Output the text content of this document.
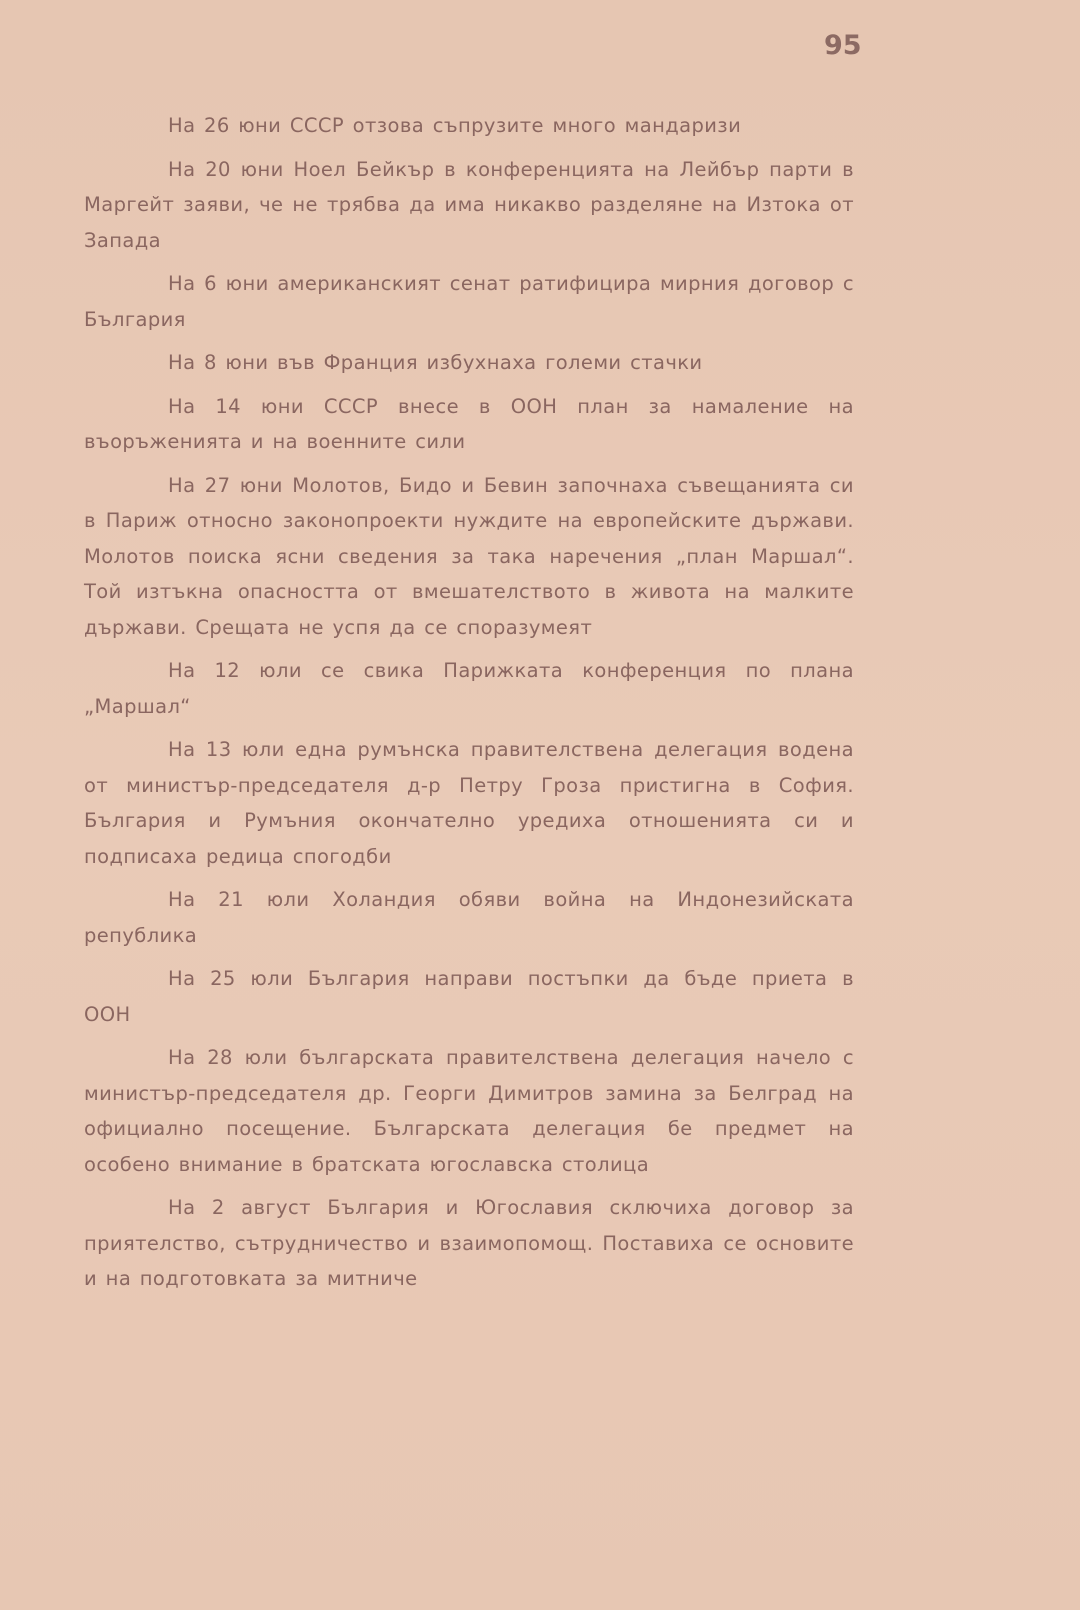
95

На 26 юни СССР отзова съпрузите много мандаризи

На 20 юни Ноел Бейкър в конференцията на Лейбър парти в Маргейт заяви, че не трябва да има никакво разделяне на Изтока от Запада

На 6 юни американският сенат ратифицира мирния договор с България

На 8 юни във Франция избухнаха големи стачки

На 14 юни СССР внесе в ООН план за намаление на въоръженията и на военните сили

На 27 юни Молотов, Бидо и Бевин започнаха съвещанията си в Париж относно законопроекти нуждите на европейските държави. Молотов поиска ясни сведения за така наречения „план Маршал“. Той изтъкна опасността от вмешателството в живота на малките държави. Срещата не успя да се споразумеят

На 12 юли се свика Парижката конференция по плана „Маршал“

На 13 юли една румънска правителствена делегация водена от министър-председателя д-р Петру Гроза пристигна в София. България и Румъния окончателно уредиха отношенията си и подписаха редица спогодби

На 21 юли Холандия обяви война на Индонезийската република

На 25 юли България направи постъпки да бъде приета в ООН

На 28 юли българската правителствена делегация начело с министър-председателя др. Георги Димитров замина за Белград на официално посещение. Българската делегация бе предмет на особено внимание в братската югославска столица

На 2 август България и Югославия сключиха договор за приятелство, сътрудничество и взаимопомощ. Поставиха се основите и на подготовката за митниче
